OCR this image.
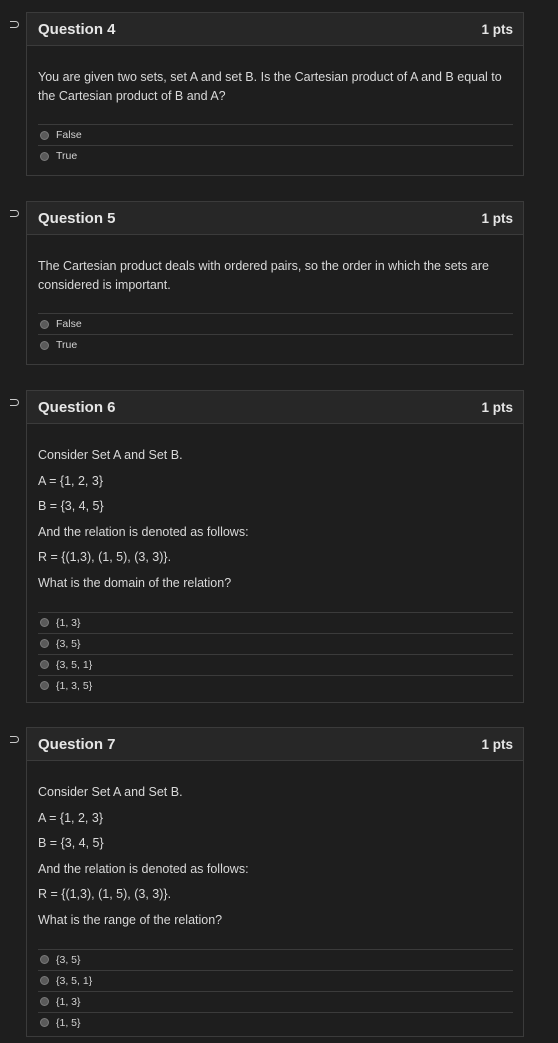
Question 4	1 pts

You are given two sets, set A and set B. Is the Cartesian product of A and B equal to the Cartesian product of B and A?

False
True
Question 5	1 pts

The Cartesian product deals with ordered pairs, so the order in which the sets are considered is important.

False
True
Question 6	1 pts

Consider Set A and Set B.

A = {1, 2, 3}

B = {3, 4, 5}

And the relation is denoted as follows:

R = {(1,3), (1, 5), (3, 3)}.

What is the domain of the relation?

{1, 3}
{3, 5}
{3, 5, 1}
{1, 3, 5}
Question 7	1 pts

Consider Set A and Set B.

A = {1, 2, 3}

B = {3, 4, 5}

And the relation is denoted as follows:

R = {(1,3), (1, 5), (3, 3)}.

What is the range of the relation?

{3, 5}
{3, 5, 1}
{1, 3}
{1, 5}
